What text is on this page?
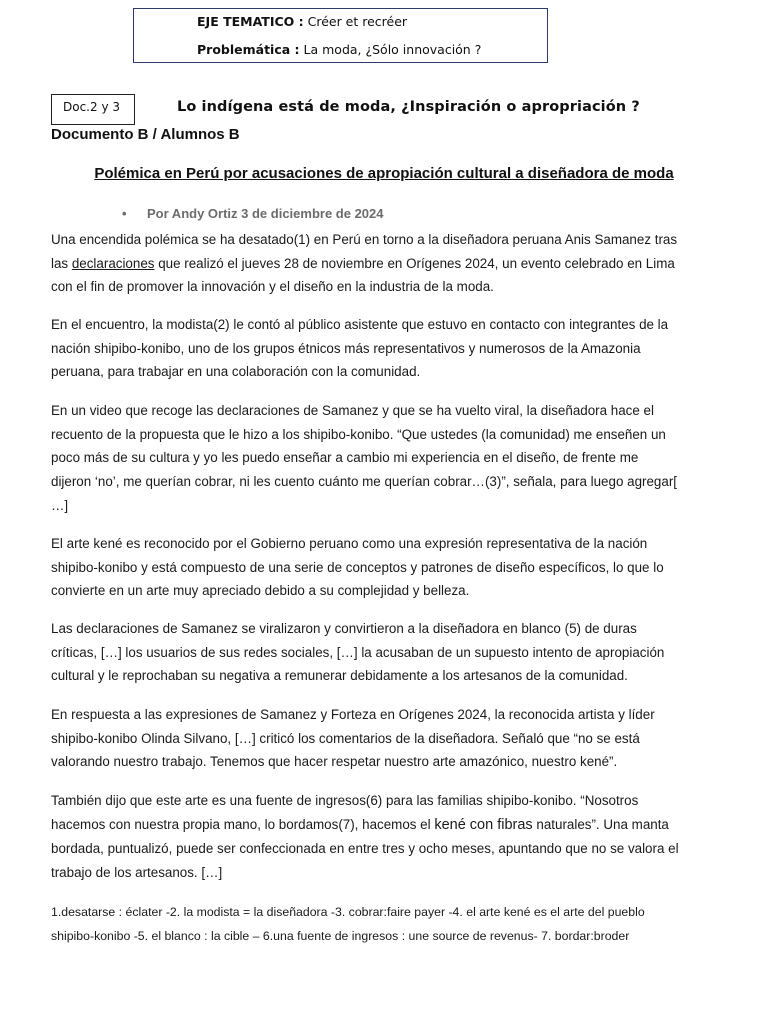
EJE TEMATICO : Créer et recréer
Problemática : La moda, ¿Sólo innovación ?
Doc.2 y 3	Lo indígena está de moda, ¿Inspiración o apropriación ?
Documento B / Alumnos B
Polémica en Perú por acusaciones de apropiación cultural a diseñadora de moda
• Por Andy Ortiz 3 de diciembre de 2024
Una encendida polémica se ha desatado(1) en Perú en torno a la diseñadora peruana Anis Samanez tras
las declaraciones que realizó el jueves 28 de noviembre en Orígenes 2024, un evento celebrado en Lima
con el fin de promover la innovación y el diseño en la industria de la moda.
En el encuentro, la modista(2) le contó al público asistente que estuvo en contacto con integrantes de la
nación shipibo-konibo, uno de los grupos étnicos más representativos y numerosos de la Amazonia
peruana, para trabajar en una colaboración con la comunidad.
En un video que recoge las declaraciones de Samanez y que se ha vuelto viral, la diseñadora hace el
recuento de la propuesta que le hizo a los shipibo-konibo. “Que ustedes (la comunidad) me enseñen un
poco más de su cultura y yo les puedo enseñar a cambio mi experiencia en el diseño, de frente me
dijeron ‘no’, me querían cobrar, ni les cuento cuánto me querían cobrar…(3)”, señala, para luego agregar[
…]
El arte kené es reconocido por el Gobierno peruano como una expresión representativa de la nación
shipibo-konibo y está compuesto de una serie de conceptos y patrones de diseño específicos, lo que lo
convierte en un arte muy apreciado debido a su complejidad y belleza.
Las declaraciones de Samanez se viralizaron y convirtieron a la diseñadora en blanco (5) de duras
críticas, […] los usuarios de sus redes sociales, […] la acusaban de un supuesto intento de apropiación
cultural y le reprochaban su negativa a remunerar debidamente a los artesanos de la comunidad.
En respuesta a las expresiones de Samanez y Forteza en Orígenes 2024, la reconocida artista y líder
shipibo-konibo Olinda Silvano, […] criticó los comentarios de la diseñadora. Señaló que “no se está
valorando nuestro trabajo. Tenemos que hacer respetar nuestro arte amazónico, nuestro kené”.
También dijo que este arte es una fuente de ingresos(6) para las familias shipibo-konibo. “Nosotros
hacemos con nuestra propia mano, lo bordamos(7), hacemos el kené con fibras naturales”. Una manta
bordada, puntualizó, puede ser confeccionada en entre tres y ocho meses, apuntando que no se valora el
trabajo de los artesanos. […]
1.desatarse : éclater -2. la modista = la diseñadora -3. cobrar:faire payer -4. el arte kené es el arte del pueblo
shipibo-konibo -5. el blanco : la cible – 6.una fuente de ingresos : une source de revenus- 7. bordar:broder
